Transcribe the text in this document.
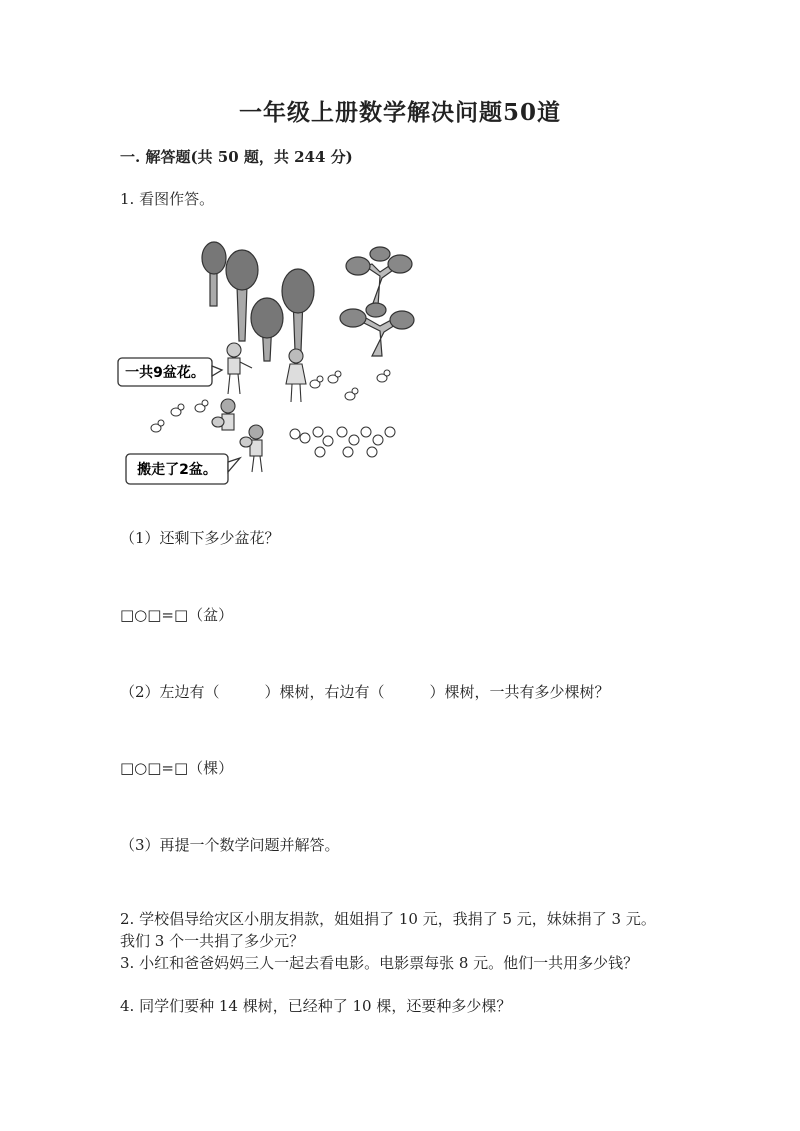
一年级上册数学解决问题50道
一. 解答题(共 50 题，共 244 分)
1. 看图作答。
一共9盆花。
搬走了2盆。
（1）还剩下多少盆花？
□○□=□（盆）
（2）左边有（　　　）棵树，右边有（　　　）棵树，一共有多少棵树？
□○□=□（棵）
（3）再提一个数学问题并解答。
2. 学校倡导给灾区小朋友捐款，姐姐捐了 10 元，我捐了 5 元，妹妹捐了 3 元。
我们 3 个一共捐了多少元？
3. 小红和爸爸妈妈三人一起去看电影。电影票每张 8 元。他们一共用多少钱？
4. 同学们要种 14 棵树，已经种了 10 棵，还要种多少棵？
